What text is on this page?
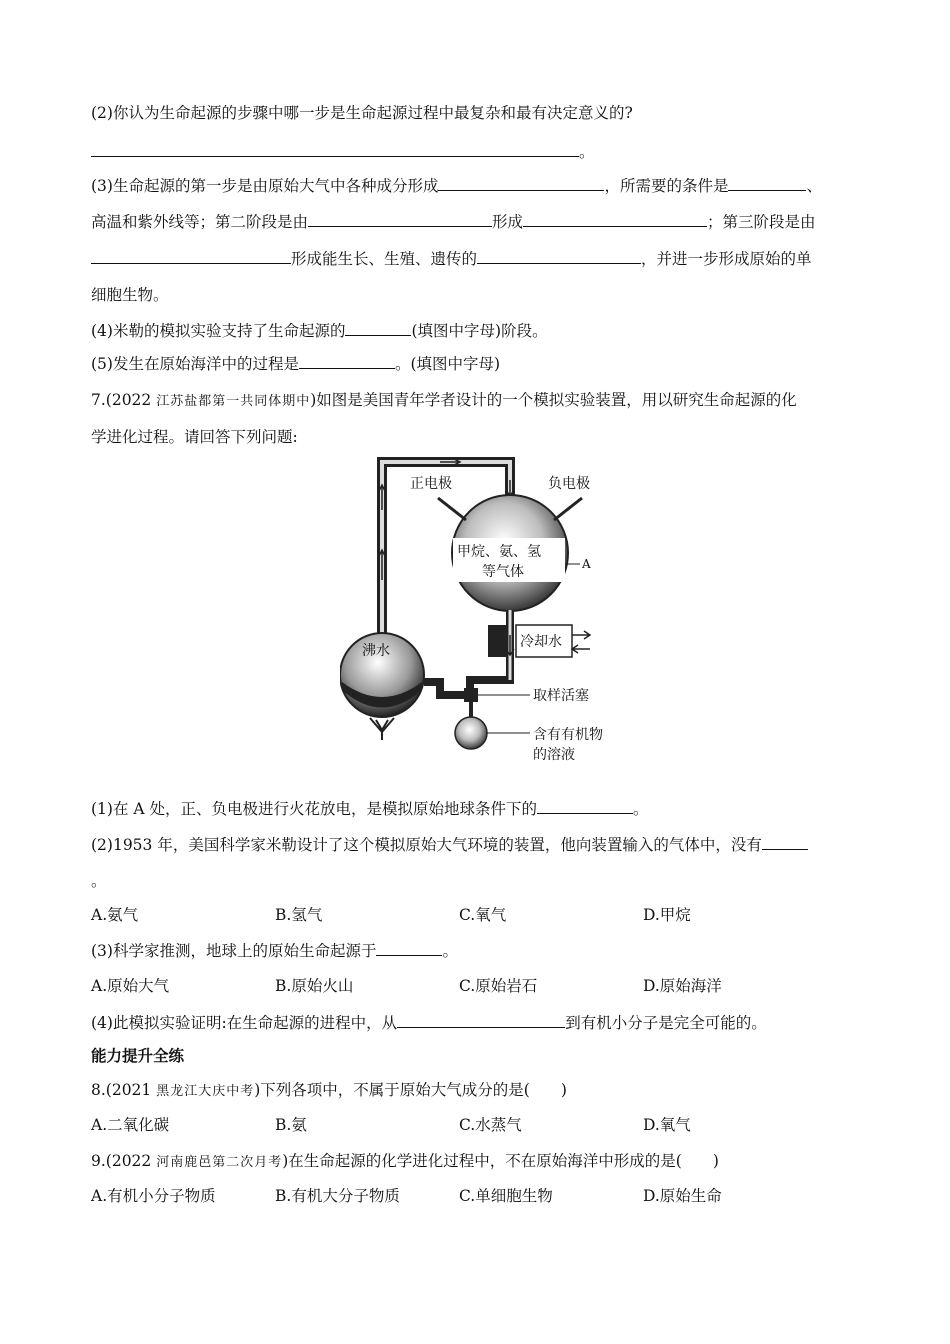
(2)你认为生命起源的步骤中哪一步是生命起源过程中最复杂和最有决定意义的?
。
(3)生命起源的第一步是由原始大气中各种成分形成	，所需要的条件是	、
高温和紫外线等；第二阶段是由	形成	；第三阶段是由
形成能生长、生殖、遗传的	，并进一步形成原始的单
细胞生物。
(4)米勒的模拟实验支持了生命起源的	(填图中字母)阶段。
(5)发生在原始海洋中的过程是	。(填图中字母)
7.(2022 江苏盐都第一共同体期中)如图是美国青年学者设计的一个模拟实验装置，用以研究生命起源的化
学进化过程。请回答下列问题:
正电极	负电极
甲烷、氨、氢
等气体	A
冷却水
沸水
取样活塞
含有有机物
的溶液
(1)在 A 处，正、负电极进行火花放电，是模拟原始地球条件下的	。
(2)1953 年，美国科学家米勒设计了这个模拟原始大气环境的装置，他向装置输入的气体中，没有
。
A.氨气	B.氢气	C.氧气	D.甲烷
(3)科学家推测，地球上的原始生命起源于	。
A.原始大气	B.原始火山	C.原始岩石	D.原始海洋
(4)此模拟实验证明:在生命起源的进程中，从	到有机小分子是完全可能的。
能力提升全练
8.(2021 黑龙江大庆中考)下列各项中，不属于原始大气成分的是(　　)
A.二氧化碳	B.氨	C.水蒸气	D.氧气
9.(2022 河南鹿邑第二次月考)在生命起源的化学进化过程中，不在原始海洋中形成的是(　　)
A.有机小分子物质	B.有机大分子物质	C.单细胞生物	D.原始生命
